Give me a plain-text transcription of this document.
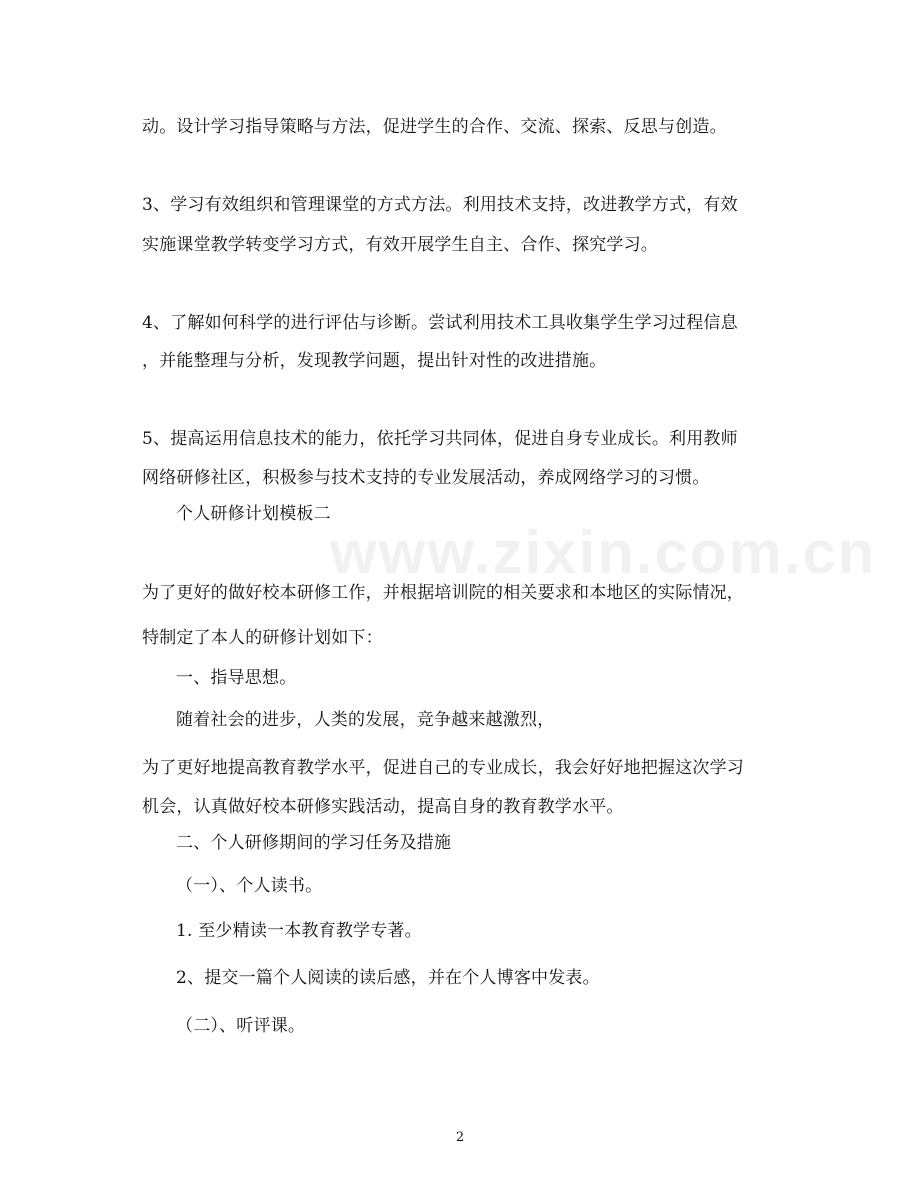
www.zixin.com.cn
动。设计学习指导策略与方法，促进学生的合作、交流、探索、反思与创造。
3、学习有效组织和管理课堂的方式方法。利用技术支持，改进教学方式，有效
实施课堂教学转变学习方式，有效开展学生自主、合作、探究学习。
4、了解如何科学的进行评估与诊断。尝试利用技术工具收集学生学习过程信息
，并能整理与分析，发现教学问题，提出针对性的改进措施。
5、提高运用信息技术的能力，依托学习共同体，促进自身专业成长。利用教师
网络研修社区，积极参与技术支持的专业发展活动，养成网络学习的习惯。
个人研修计划模板二
为了更好的做好校本研修工作，并根据培训院的相关要求和本地区的实际情况，
特制定了本人的研修计划如下：
一、指导思想。
随着社会的进步，人类的发展，竞争越来越激烈，
为了更好地提高教育教学水平，促进自己的专业成长，我会好好地把握这次学习
机会，认真做好校本研修实践活动，提高自身的教育教学水平。
二、个人研修期间的学习任务及措施
（一）、个人读书。
1. 至少精读一本教育教学专著。
2、提交一篇个人阅读的读后感，并在个人博客中发表。
（二）、听评课。
2
